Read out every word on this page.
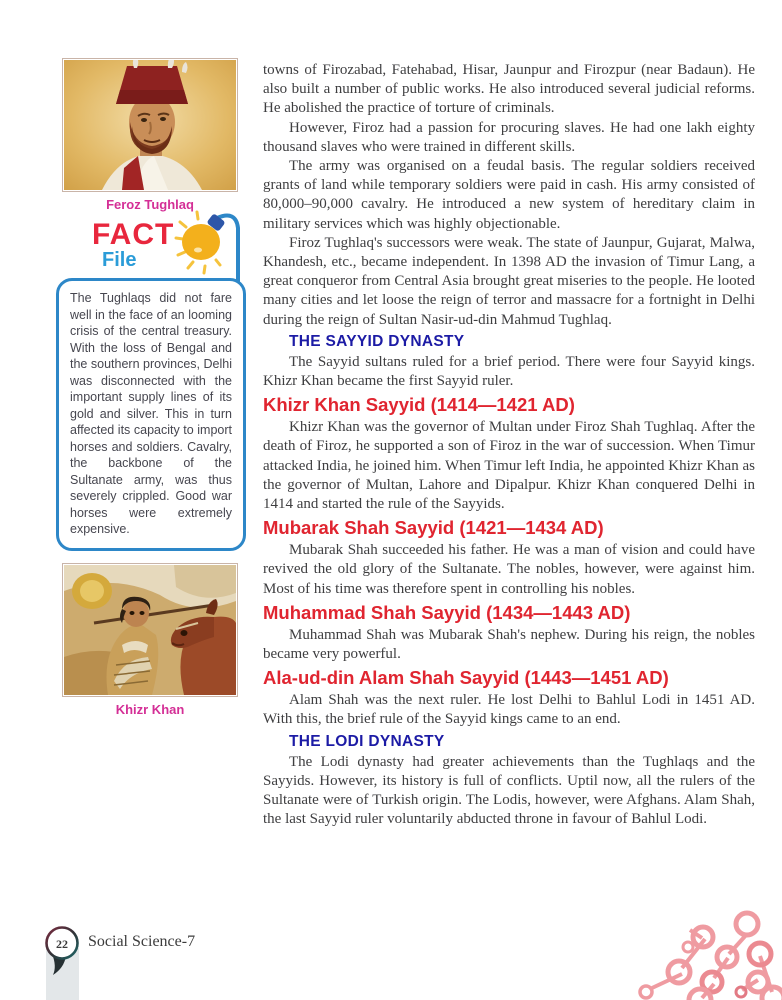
Feroz Tughlaq
FACT
File
The Tughlaqs did not fare well in the face of an looming crisis of the central treasury. With the loss of Bengal and the southern provinces, Delhi was disconnected with the important supply lines of its gold and silver. This in turn affected its capacity to import horses and soldiers. Cavalry, the backbone of the Sultanate army, was thus severely crippled. Good war horses were extremely expensive.
Khizr Khan

towns of Firozabad, Fatehabad, Hisar, Jaunpur and Firozpur (near Badaun). He also built a number of public works. He also introduced several judicial reforms. He abolished the practice of torture of criminals.

However, Firoz had a passion for procuring slaves. He had one lakh eighty thousand slaves who were trained in different skills.

The army was organised on a feudal basis. The regular soldiers received grants of land while temporary soldiers were paid in cash. His army consisted of 80,000–90,000 cavalry. He introduced a new system of hereditary claim in military services which was highly objectionable.

Firoz Tughlaq's successors were weak. The state of Jaunpur, Gujarat, Malwa, Khandesh, etc., became independent. In 1398 AD the invasion of Timur Lang, a great conqueror from Central Asia brought great miseries to the people. He looted many cities and let loose the reign of terror and massacre for a fortnight in Delhi during the reign of Sultan Nasir-ud-din Mahmud Tughlaq.

THE SAYYID DYNASTY

The Sayyid sultans ruled for a brief period. There were four Sayyid kings. Khizr Khan became the first Sayyid ruler.

Khizr Khan Sayyid (1414—1421 AD)

Khizr Khan was the governor of Multan under Firoz Shah Tughlaq. After the death of Firoz, he supported a son of Firoz in the war of succession. When Timur attacked India, he joined him. When Timur left India, he appointed Khizr Khan as the governor of Multan, Lahore and Dipalpur. Khizr Khan conquered Delhi in 1414 and started the rule of the Sayyids.

Mubarak Shah Sayyid (1421—1434 AD)

Mubarak Shah succeeded his father. He was a man of vision and could have revived the old glory of the Sultanate. The nobles, however, were against him. Most of his time was therefore spent in controlling his nobles.

Muhammad Shah Sayyid (1434—1443 AD)

Muhammad Shah was Mubarak Shah's nephew. During his reign, the nobles became very powerful.

Ala-ud-din Alam Shah Sayyid (1443—1451 AD)

Alam Shah was the next ruler. He lost Delhi to Bahlul Lodi in 1451 AD. With this, the brief rule of the Sayyid kings came to an end.

THE LODI DYNASTY

The Lodi dynasty had greater achievements than the Tughlaqs and the Sayyids. However, its history is full of conflicts. Uptil now, all the rulers of the Sultanate were of Turkish origin. The Lodis, however, were Afghans. Alam Shah, the last Sayyid ruler voluntarily abducted throne in favour of Bahlul Lodi.

22 Social Science-7
